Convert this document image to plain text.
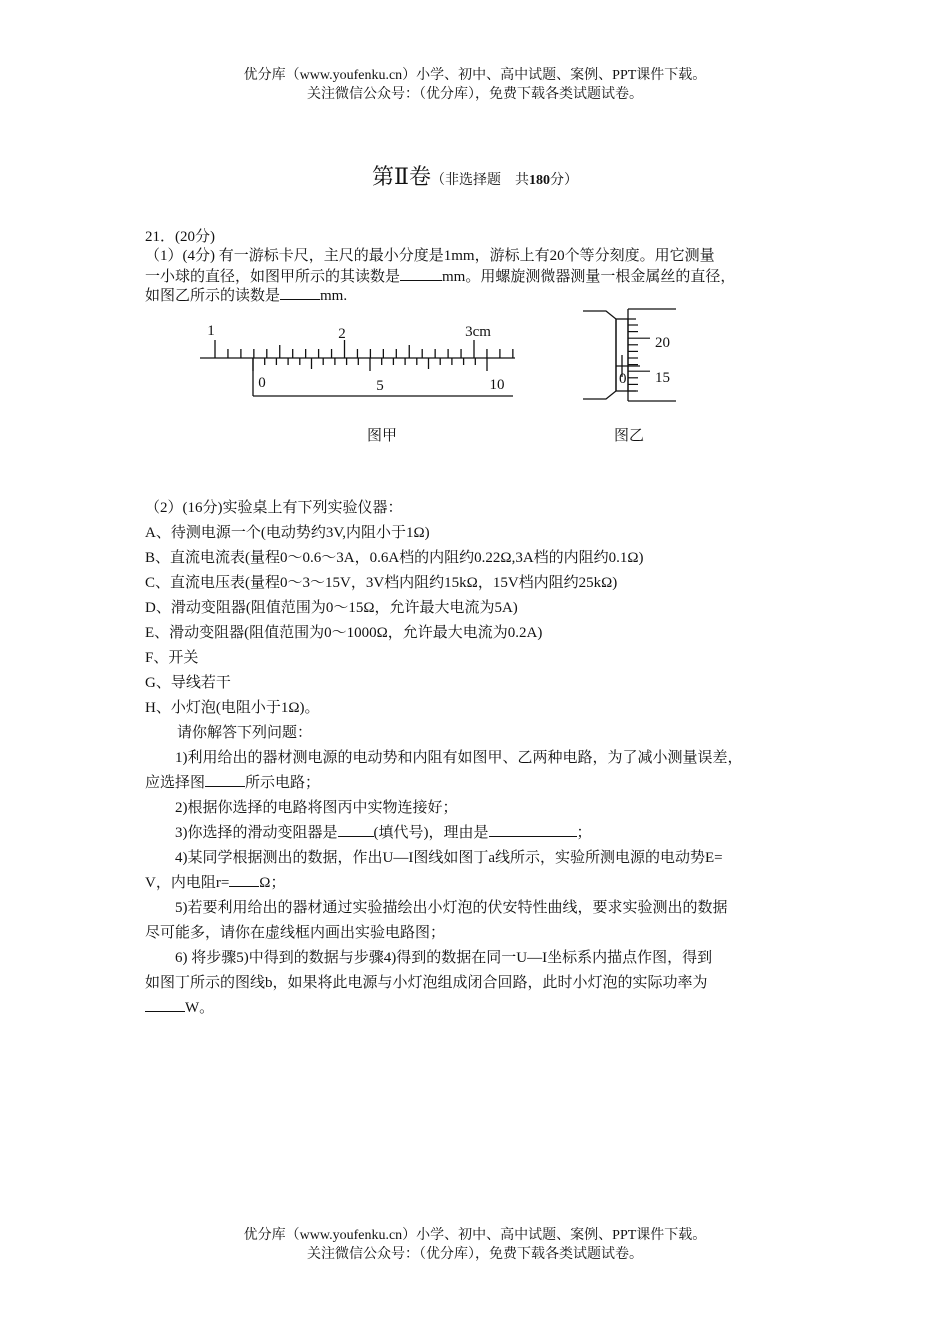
优分库（www.youfenku.cn）小学、初中、高中试题、案例、PPT课件下载。
关注微信公众号：（优分库），免费下载各类试题试卷。
第Ⅱ卷（非选择题　共180分）
21．(20分)
（1）(4分) 有一游标卡尺，主尺的最小分度是1mm，游标上有20个等分刻度。用它测量
一小球的直径，如图甲所示的其读数是	mm。用螺旋测微器测量一根金属丝的直径，
如图乙所示的读数是	mm.
1	2	3cm
0	5	10
20
15
0
图甲	图乙
（2）(16分)实验桌上有下列实验仪器：
A、待测电源一个(电动势约3V,内阻小于1Ω)
B、直流电流表(量程0～0.6～3A，0.6A档的内阻约0.22Ω,3A档的内阻约0.1Ω)
C、直流电压表(量程0～3～15V，3V档内阻约15kΩ，15V档内阻约25kΩ)
D、滑动变阻器(阻值范围为0～15Ω，允许最大电流为5A)
E、滑动变阻器(阻值范围为0～1000Ω，允许最大电流为0.2A)
F、开关
G、导线若干
H、小灯泡(电阻小于1Ω)。
请你解答下列问题：
1)利用给出的器材测电源的电动势和内阻有如图甲、乙两种电路，为了减小测量误差，
应选择图	所示电路；
2)根据你选择的电路将图丙中实物连接好；
3)你选择的滑动变阻器是 (填代号)，理由是	；
4)某同学根据测出的数据，作出U—I图线如图丁a线所示，实验所测电源的电动势E=
V，内电阻r= Ω；
5)若要利用给出的器材通过实验描绘出小灯泡的伏安特性曲线，要求实验测出的数据
尽可能多，请你在虚线框内画出实验电路图；
6) 将步骤5)中得到的数据与步骤4)得到的数据在同一U—I坐标系内描点作图，得到
如图丁所示的图线b，如果将此电源与小灯泡组成闭合回路，此时小灯泡的实际功率为
W。
优分库（www.youfenku.cn）小学、初中、高中试题、案例、PPT课件下载。
关注微信公众号：（优分库），免费下载各类试题试卷。
